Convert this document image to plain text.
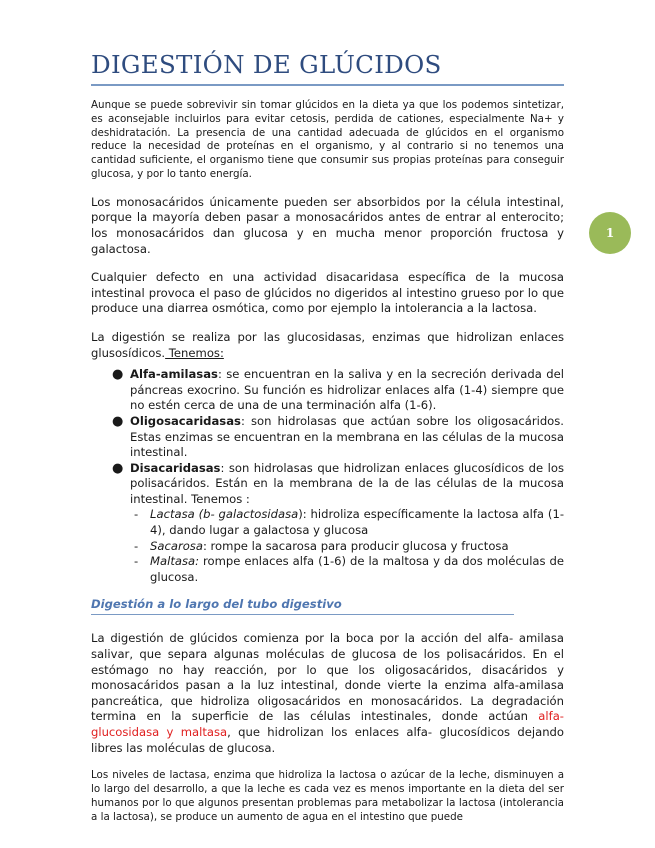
DIGESTIÓN DE GLÚCIDOS
1

Aunque se puede sobrevivir sin tomar glúcidos en la dieta ya que los podemos sintetizar, es aconsejable incluirlos para evitar cetosis, perdida de cationes, especialmente Na+ y deshidratación. La presencia de una cantidad adecuada de glúcidos en el organismo reduce la necesidad de proteínas en el organismo, y al contrario si no tenemos una cantidad suficiente, el organismo tiene que consumir sus propias proteínas para conseguir glucosa, y por lo tanto energía.

Los monosacáridos únicamente pueden ser absorbidos por la célula intestinal, porque la mayoría deben pasar a monosacáridos antes de entrar al enterocito; los monosacáridos dan glucosa y en mucha menor proporción fructosa y galactosa.

Cualquier defecto en una actividad disacaridasa específica de la mucosa intestinal provoca el paso de glúcidos no digeridos al intestino grueso por lo que produce una diarrea osmótica, como por ejemplo la intolerancia a la lactosa.

La digestión se realiza por las glucosidasas, enzimas que hidrolizan enlaces glusosídicos. Tenemos:

● Alfa-amilasas: se encuentran en la saliva y en la secreción derivada del páncreas exocrino. Su función es hidrolizar enlaces alfa (1-4) siempre que no estén cerca de una de una terminación alfa (1-6).
● Oligosacaridasas: son hidrolasas que actúan sobre los oligosacáridos. Estas enzimas se encuentran en la membrana en las células de la mucosa intestinal.
● Disacaridasas: son hidrolasas que hidrolizan enlaces glucosídicos de los polisacáridos. Están en la membrana de la de las células de la mucosa intestinal. Tenemos :
- Lactasa (b- galactosidasa): hidroliza específicamente la lactosa alfa (1-4), dando lugar a galactosa y glucosa
- Sacarosa: rompe la sacarosa para producir glucosa y fructosa
- Maltasa: rompe enlaces alfa (1-6) de la maltosa y da dos moléculas de glucosa.
Digestión a lo largo del tubo digestivo

La digestión de glúcidos comienza por la boca por la acción del alfa- amilasa salivar, que separa algunas moléculas de glucosa de los polisacáridos. En el estómago no hay reacción, por lo que los oligosacáridos, disacáridos y monosacáridos pasan a la luz intestinal, donde vierte la enzima alfa-amilasa pancreática, que hidroliza oligosacáridos en monosacáridos. La degradación termina en la superficie de las células intestinales, donde actúan alfa-glucosidasa y maltasa, que hidrolizan los enlaces alfa- glucosídicos dejando libres las moléculas de glucosa.

Los niveles de lactasa, enzima que hidroliza la lactosa o azúcar de la leche, disminuyen a lo largo del desarrollo, a que la leche es cada vez es menos importante en la dieta del ser humanos por lo que algunos presentan problemas para metabolizar la lactosa (intolerancia a la lactosa), se produce un aumento de agua en el intestino que puede
